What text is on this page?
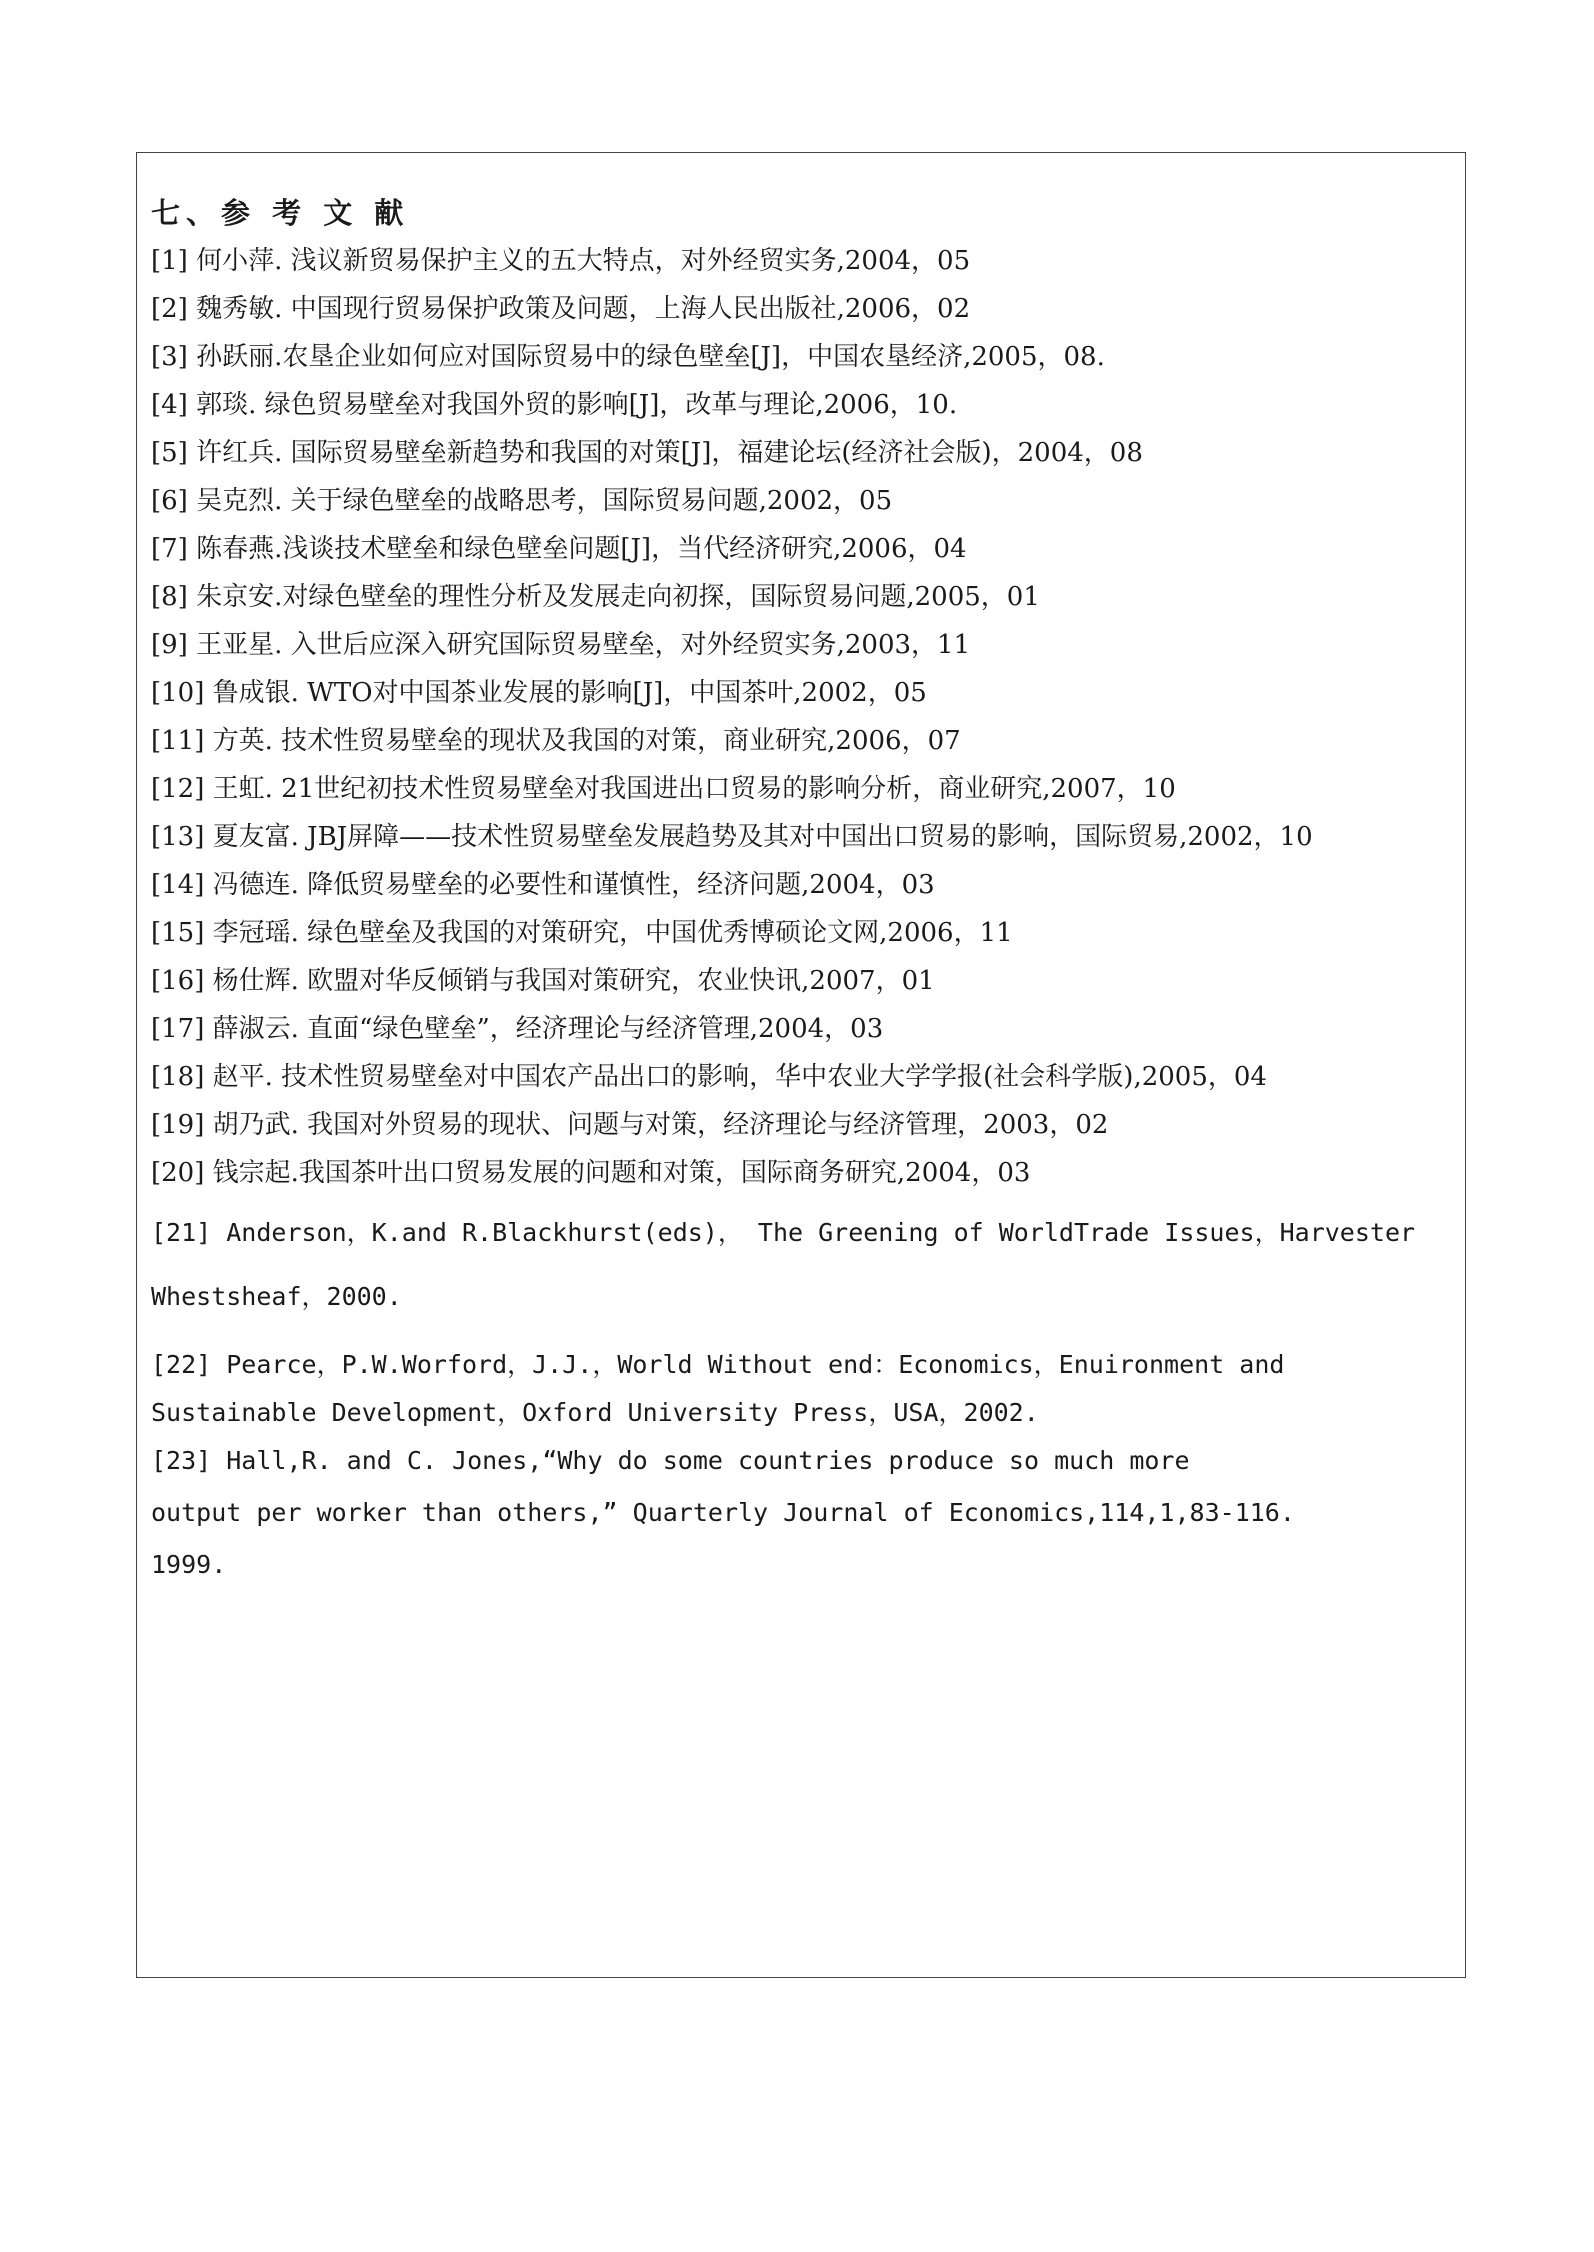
七、参 考 文 献

[1] 何小萍. 浅议新贸易保护主义的五大特点，对外经贸实务,2004，05

[2] 魏秀敏. 中国现行贸易保护政策及问题，上海人民出版社,2006，02

[3] 孙跃丽.农垦企业如何应对国际贸易中的绿色壁垒[J]，中国农垦经济,2005，08.

[4] 郭琰. 绿色贸易壁垒对我国外贸的影响[J]，改革与理论,2006，10.

[5] 许红兵. 国际贸易壁垒新趋势和我国的对策[J]，福建论坛(经济社会版)，2004，08

[6] 吴克烈. 关于绿色壁垒的战略思考，国际贸易问题,2002，05

[7] 陈春燕.浅谈技术壁垒和绿色壁垒问题[J]，当代经济研究,2006，04

[8] 朱京安.对绿色壁垒的理性分析及发展走向初探，国际贸易问题,2005，01

[9] 王亚星. 入世后应深入研究国际贸易壁垒，对外经贸实务,2003，11

[10] 鲁成银. WTO对中国茶业发展的影响[J]，中国茶叶,2002，05

[11] 方英. 技术性贸易壁垒的现状及我国的对策，商业研究,2006，07

[12] 王虹. 21世纪初技术性贸易壁垒对我国进出口贸易的影响分析，商业研究,2007，10

[13] 夏友富. JBJ屏障——技术性贸易壁垒发展趋势及其对中国出口贸易的影响，国际贸易,2002，10

[14] 冯德连. 降低贸易壁垒的必要性和谨慎性，经济问题,2004，03

[15] 李冠瑶. 绿色壁垒及我国的对策研究，中国优秀博硕论文网,2006，11

[16] 杨仕辉. 欧盟对华反倾销与我国对策研究，农业快讯,2007，01

[17] 薛淑云. 直面“绿色壁垒”，经济理论与经济管理,2004，03

[18] 赵平. 技术性贸易壁垒对中国农产品出口的影响，华中农业大学学报(社会科学版),2005，04

[19] 胡乃武. 我国对外贸易的现状、问题与对策，经济理论与经济管理，2003，02

[20] 钱宗起.我国茶叶出口贸易发展的问题和对策，国际商务研究,2004，03

[21] Anderson，K.and R.Blackhurst(eds)， The Greening of WorldTrade Issues，Harvester Whestsheaf，2000.

[22] Pearce，P.W.Worford，J.J.，World Without end：Economics，Enuironment and Sustainable Development，Oxford University Press，USA，2002.

[23] Hall,R. and C. Jones,“Why do some countries produce so much more
output per worker than others,” Quarterly Journal of Economics,114,1,83-116.
1999.
